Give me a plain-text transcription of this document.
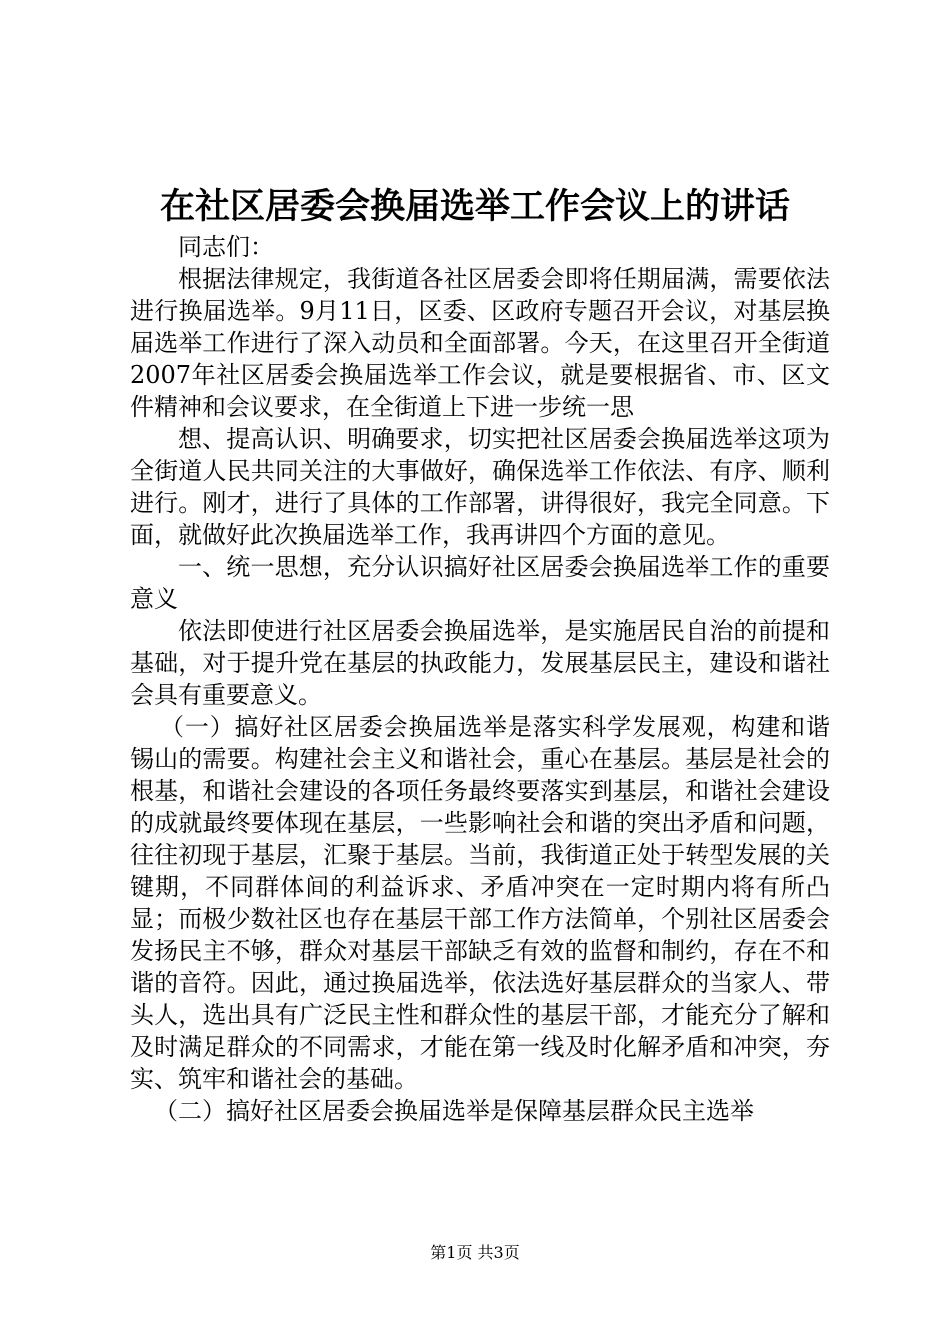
在社区居委会换届选举工作会议上的讲话

同志们：

根据法律规定，我街道各社区居委会即将任期届满，需要依法进行换届选举。9月11日，区委、区政府专题召开会议，对基层换届选举工作进行了深入动员和全面部署。今天，在这里召开全街道2007年社区居委会换届选举工作会议，就是要根据省、市、区文件精神和会议要求，在全街道上下进一步统一思

想、提高认识、明确要求，切实把社区居委会换届选举这项为全街道人民共同关注的大事做好，确保选举工作依法、有序、顺利进行。刚才，进行了具体的工作部署，讲得很好，我完全同意。下面，就做好此次换届选举工作，我再讲四个方面的意见。

一、统一思想，充分认识搞好社区居委会换届选举工作的重要意义

依法即使进行社区居委会换届选举，是实施居民自治的前提和基础，对于提升党在基层的执政能力，发展基层民主，建设和谐社会具有重要意义。

（一）搞好社区居委会换届选举是落实科学发展观，构建和谐锡山的需要。构建社会主义和谐社会，重心在基层。基层是社会的根基，和谐社会建设的各项任务最终要落实到基层，和谐社会建设的成就最终要体现在基层，一些影响社会和谐的突出矛盾和问题，往往初现于基层，汇聚于基层。当前，我街道正处于转型发展的关键期，不同群体间的利益诉求、矛盾冲突在一定时期内将有所凸显；而极少数社区也存在基层干部工作方法简单，个别社区居委会发扬民主不够，群众对基层干部缺乏有效的监督和制约，存在不和谐的音符。因此，通过换届选举，依法选好基层群众的当家人、带头人，选出具有广泛民主性和群众性的基层干部，才能充分了解和及时满足群众的不同需求，才能在第一线及时化解矛盾和冲突，夯实、筑牢和谐社会的基础。

（二）搞好社区居委会换届选举是保障基层群众民主选举

第1页 共3页
